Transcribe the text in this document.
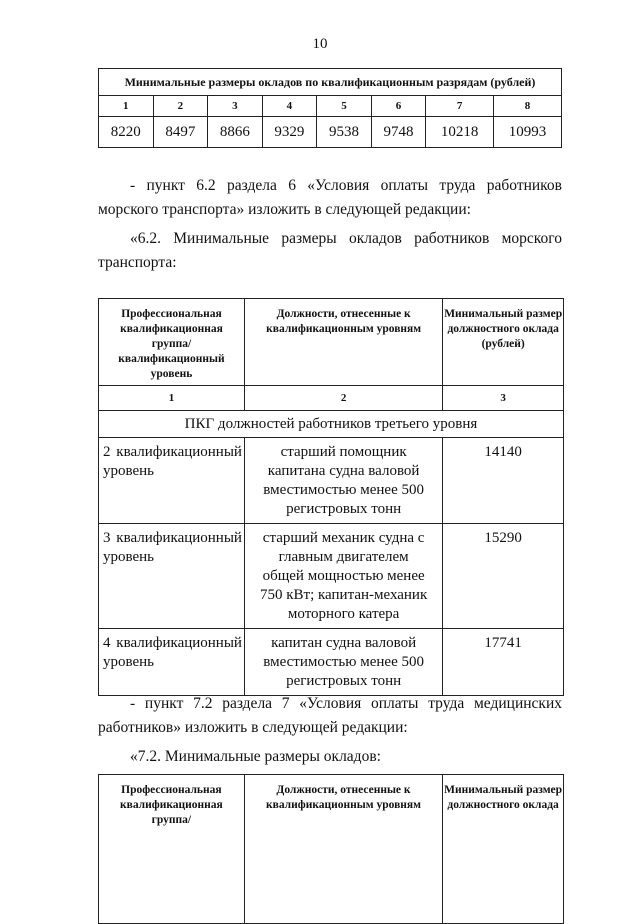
10
Минимальные размеры окладов по квалификационным разрядам (рублей)							
1	2	3	4	5	6	7	8
8220	8497	8866	9329	9538	9748	10218	10993

- пункт 6.2 раздела 6 «Условия оплаты труда работников морского транспорта» изложить в следующей редакции:

«6.2. Минимальные размеры окладов работников морского транспорта:

Профессиональная квалификационная группа/ квалификационный уровень	Должности, отнесенные к квалификационным уровням	Минимальный размер должностного оклада (рублей)
1	2	3
ПКГ должностей работников третьего уровня		

2 квалификационный
уровень	старший помощник капитана судна валовой вместимостью менее 500 регистровых тонн	14140

3 квалификационный
уровень	старший механик судна с главным двигателем общей мощностью менее 750 кВт; капитан-механик моторного катера	15290

4 квалификационный
уровень	капитан судна валовой вместимостью менее 500 регистровых тонн	17741

- пункт 7.2 раздела 7 «Условия оплаты труда медицинских работников» изложить в следующей редакции:

«7.2. Минимальные размеры окладов:

Профессиональная квалификационная группа/	Должности, отнесенные к квалификационным уровням	Минимальный размер должностного оклада
